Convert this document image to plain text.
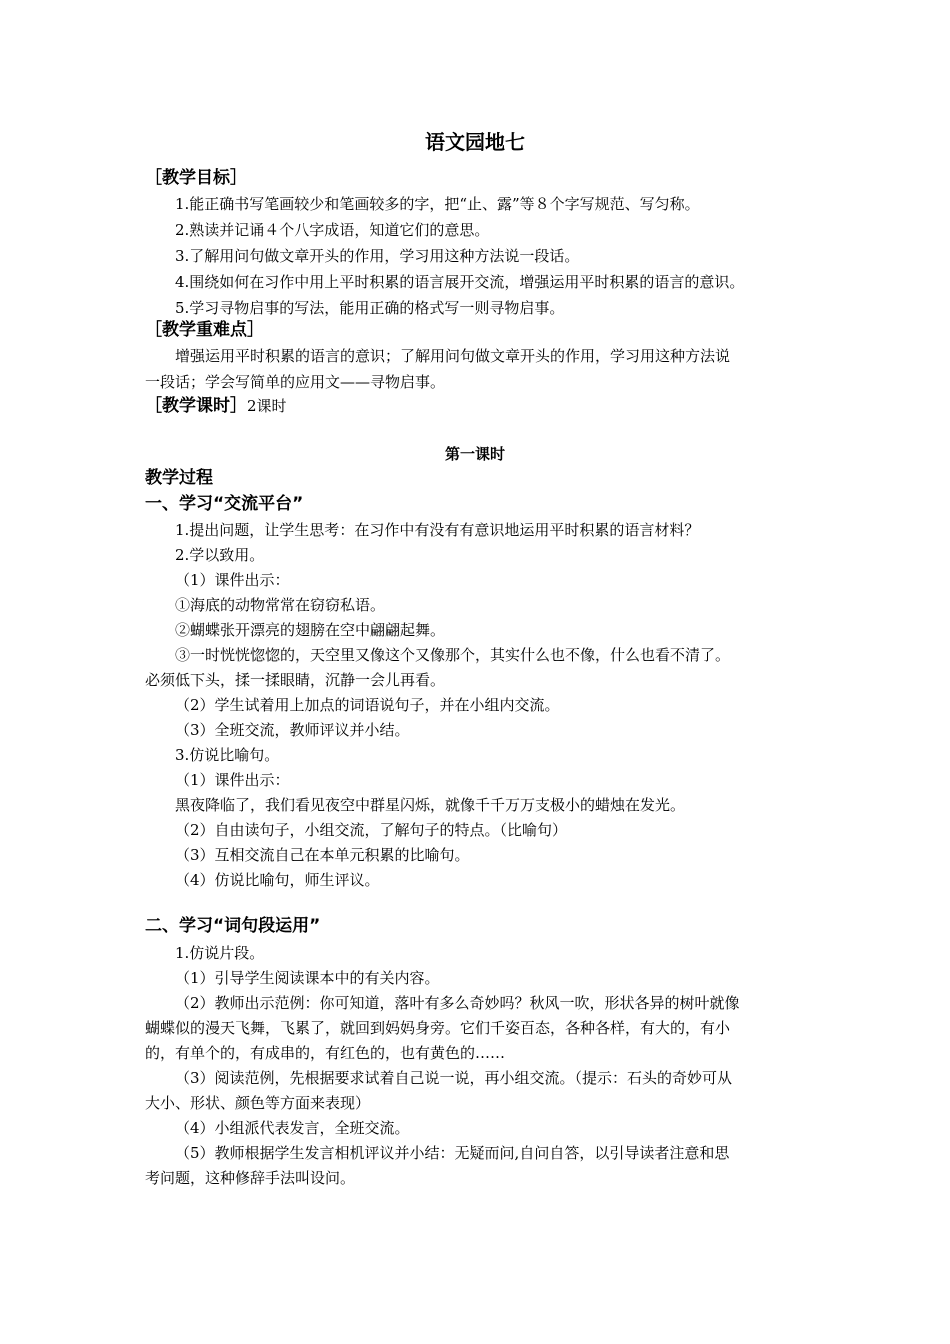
语文园地七
［教学目标］
1.能正确书写笔画较少和笔画较多的字，把“止、露”等８个字写规范、写匀称。
2.熟读并记诵４个八字成语，知道它们的意思。
3.了解用问句做文章开头的作用，学习用这种方法说一段话。
4.围绕如何在习作中用上平时积累的语言展开交流，增强运用平时积累的语言的意识。
5.学习寻物启事的写法，能用正确的格式写一则寻物启事。
［教学重难点］
增强运用平时积累的语言的意识；了解用问句做文章开头的作用，学习用这种方法说
一段话；学会写简单的应用文——寻物启事。
［教学课时］2课时
第一课时
教学过程
一、学习“交流平台”
1.提出问题，让学生思考：在习作中有没有有意识地运用平时积累的语言材料？
2.学以致用。
（1）课件出示：
①海底的动物常常在窃窃私语。
②蝴蝶张开漂亮的翅膀在空中翩翩起舞。
③一时恍恍惚惚的，天空里又像这个又像那个，其实什么也不像，什么也看不清了。
必须低下头，揉一揉眼睛，沉静一会儿再看。
（2）学生试着用上加点的词语说句子，并在小组内交流。
（3）全班交流，教师评议并小结。
3.仿说比喻句。
（1）课件出示：
黑夜降临了，我们看见夜空中群星闪烁，就像千千万万支极小的蜡烛在发光。
（2）自由读句子，小组交流，了解句子的特点。（比喻句）
（3）互相交流自己在本单元积累的比喻句。
（4）仿说比喻句，师生评议。
二、学习“词句段运用”
1.仿说片段。
（1）引导学生阅读课本中的有关内容。
（2）教师出示范例：你可知道，落叶有多么奇妙吗？秋风一吹，形状各异的树叶就像
蝴蝶似的漫天飞舞，飞累了，就回到妈妈身旁。它们千姿百态，各种各样，有大的，有小
的，有单个的，有成串的，有红色的，也有黄色的……
（3）阅读范例，先根据要求试着自己说一说，再小组交流。（提示：石头的奇妙可从
大小、形状、颜色等方面来表现）
（4）小组派代表发言，全班交流。
（5）教师根据学生发言相机评议并小结：无疑而问,自问自答，以引导读者注意和思
考问题，这种修辞手法叫设问。
